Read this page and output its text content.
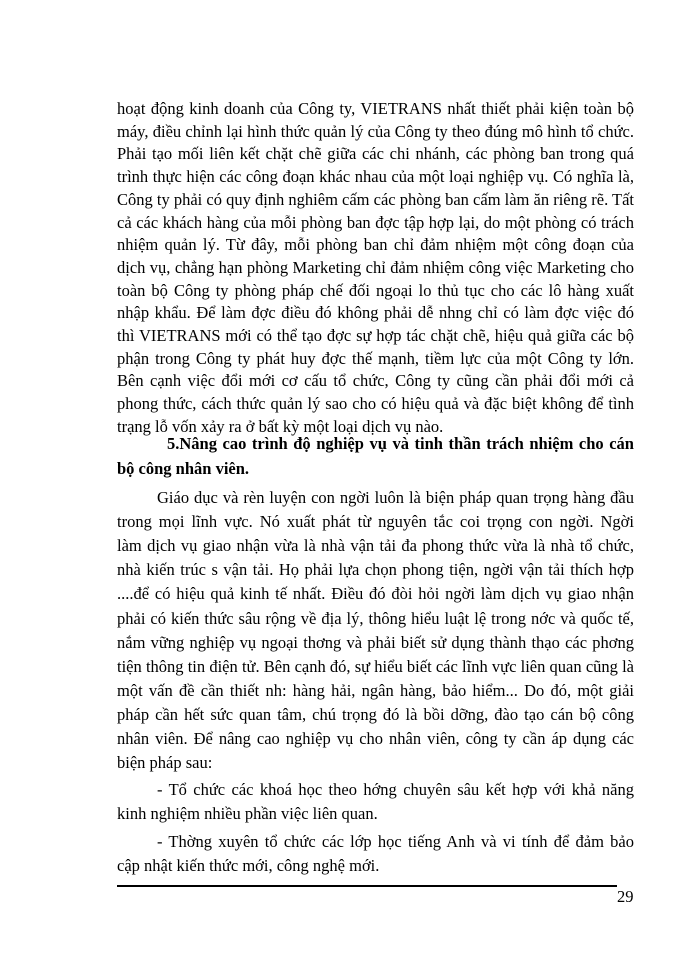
hoạt động kinh doanh của Công ty, VIETRANS nhất thiết phải kiện toàn bộ
máy, điều chỉnh lại hình thức quản lý của Công ty theo đúng mô hình tổ chức.
Phải tạo mối liên kết chặt chẽ giữa các chi nhánh, các phòng ban trong quá
trình thực hiện các công đoạn khác nhau của một loại nghiệp vụ. Có nghĩa là,
Công ty phải có quy định nghiêm cấm các phòng ban cấm làm ăn riêng rẽ. Tất
cả các khách hàng của mỗi phòng ban đợc tập hợp lại, do một phòng có trách
nhiệm quản lý. Từ đây, mỗi phòng ban chỉ đảm nhiệm một công đoạn của
dịch vụ, chẳng hạn phòng Marketing chỉ đảm nhiệm công việc Marketing cho
toàn bộ Công ty phòng pháp chế đối ngoại lo thủ tục cho các lô hàng xuất
nhập khẩu. Để làm đợc điều đó không phải dễ nhng chỉ có làm đợc việc đó
thì VIETRANS mới có thể tạo đợc sự hợp tác chặt chẽ, hiệu quả giữa các bộ
phận trong Công ty phát huy đợc thế mạnh, tiềm lực của một Công ty lớn.
Bên cạnh việc đổi mới cơ cấu tổ chức, Công ty cũng cần phải đổi mới cả
phong thức, cách thức quản lý sao cho có hiệu quả và đặc biệt không để tình
trạng lỗ vốn xảy ra ở bất kỳ một loại dịch vụ nào.
5.Nâng cao trình độ nghiệp vụ và tinh thần trách nhiệm cho cán
bộ công nhân viên.
Giáo dục và rèn luyện con ngời luôn là biện pháp quan trọng hàng đầu
trong mọi lĩnh vực. Nó xuất phát từ nguyên tắc coi trọng con ngời. Ngời
làm dịch vụ giao nhận vừa là nhà vận tải đa phong thức vừa là nhà tổ chức,
nhà kiến trúc s vận tải. Họ phải lựa chọn phong tiện, ngời vận tải thích hợp
....để có hiệu quả kinh tế nhất. Điều đó đòi hỏi ngời làm dịch vụ giao nhận
phải có kiến thức sâu rộng về địa lý, thông hiểu luật lệ trong nớc và quốc tế,
nắm vững nghiệp vụ ngoại thơng và phải biết sử dụng thành thạo các phơng
tiện thông tin điện tử. Bên cạnh đó, sự hiểu biết các lĩnh vực liên quan cũng là
một vấn đề cần thiết nh: hàng hải, ngân hàng, bảo hiểm... Do đó, một giải
pháp cần hết sức quan tâm, chú trọng đó là bồi dỡng, đào tạo cán bộ công
nhân viên. Để nâng cao nghiệp vụ cho nhân viên, công ty cần áp dụng các
biện pháp sau:
- Tổ chức các khoá học theo hớng chuyên sâu kết hợp với khả năng
kinh nghiệm nhiều phần việc liên quan.
- Thờng xuyên tổ chức các lớp học tiếng Anh và vi tính để đảm bảo
cập nhật kiến thức mới, công nghệ mới.
29
